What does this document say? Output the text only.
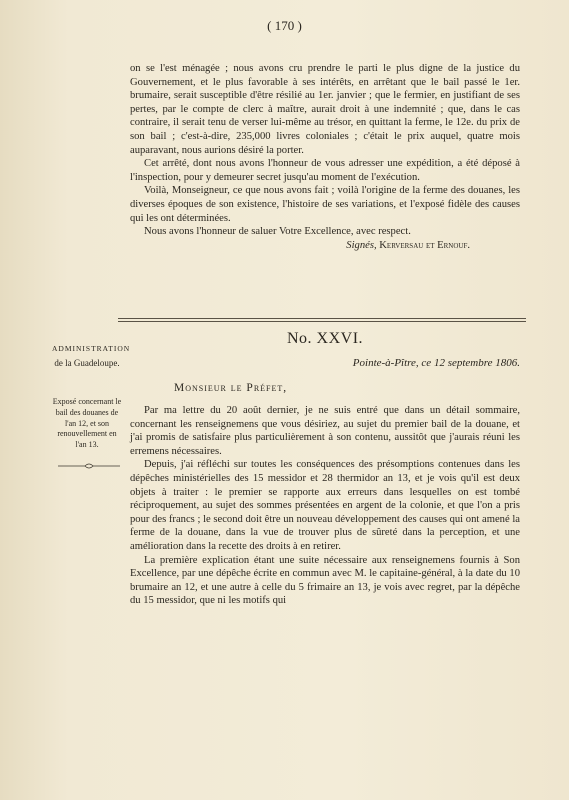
( 170 )

on se l'est ménagée ; nous avons cru prendre le parti le plus digne de la justice du Gouvernement, et le plus favorable à ses intérêts, en arrêtant que le bail passé le 1er. brumaire, serait susceptible d'être résilié au 1er. janvier ; que le fermier, en justifiant de ses pertes, par le compte de clerc à maître, aurait droit à une indemnité ; que, dans le cas contraire, il serait tenu de verser lui-même au trésor, en quittant la ferme, le 12e. du prix de son bail ; c'est-à-dire, 235,000 livres coloniales ; c'était le prix auquel, quatre mois auparavant, nous aurions désiré la porter.

Cet arrêté, dont nous avons l'honneur de vous adresser une expédition, a été déposé à l'inspection, pour y demeurer secret jusqu'au moment de l'exécution.

Voilà, Monseigneur, ce que nous avons fait ; voilà l'origine de la ferme des douanes, les diverses époques de son existence, l'histoire de ses variations, et l'exposé fidèle des causes qui les ont déterminées.

Nous avons l'honneur de saluer Votre Excellence, avec respect.

Signés, Kerversau et Ernouf.

No. XXVI.
ADMINISTRATION
de la Guadeloupe.
Exposé concernant le bail des douanes de l'an 12, et son renouvellement en l'an 13.
Pointe-à-Pître, ce 12 septembre 1806.
Monsieur le Préfet,

Par ma lettre du 20 août dernier, je ne suis entré que dans un détail sommaire, concernant les renseignemens que vous désiriez, au sujet du premier bail de la douane, et j'ai promis de satisfaire plus particulièrement à son contenu, aussitôt que j'aurais réuni les erremens nécessaires.

Depuis, j'ai réfléchi sur toutes les conséquences des présomptions contenues dans les dépêches ministérielles des 15 messidor et 28 thermidor an 13, et je vois qu'il est deux objets à traiter : le premier se rapporte aux erreurs dans lesquelles on est tombé réciproquement, au sujet des sommes présentées en argent de la colonie, et que l'on a pris pour des francs ; le second doit être un nouveau développement des causes qui ont amené la ferme de la douane, dans la vue de trouver plus de sûreté dans la perception, et une amélioration dans la recette des droits à en retirer.

La première explication étant une suite nécessaire aux renseignemens fournis à Son Excellence, par une dépêche écrite en commun avec M. le capitaine-général, à la date du 10 brumaire an 12, et une autre à celle du 5 frimaire an 13, je vois avec regret, par la dépêche du 15 messidor, que ni les motifs qui
